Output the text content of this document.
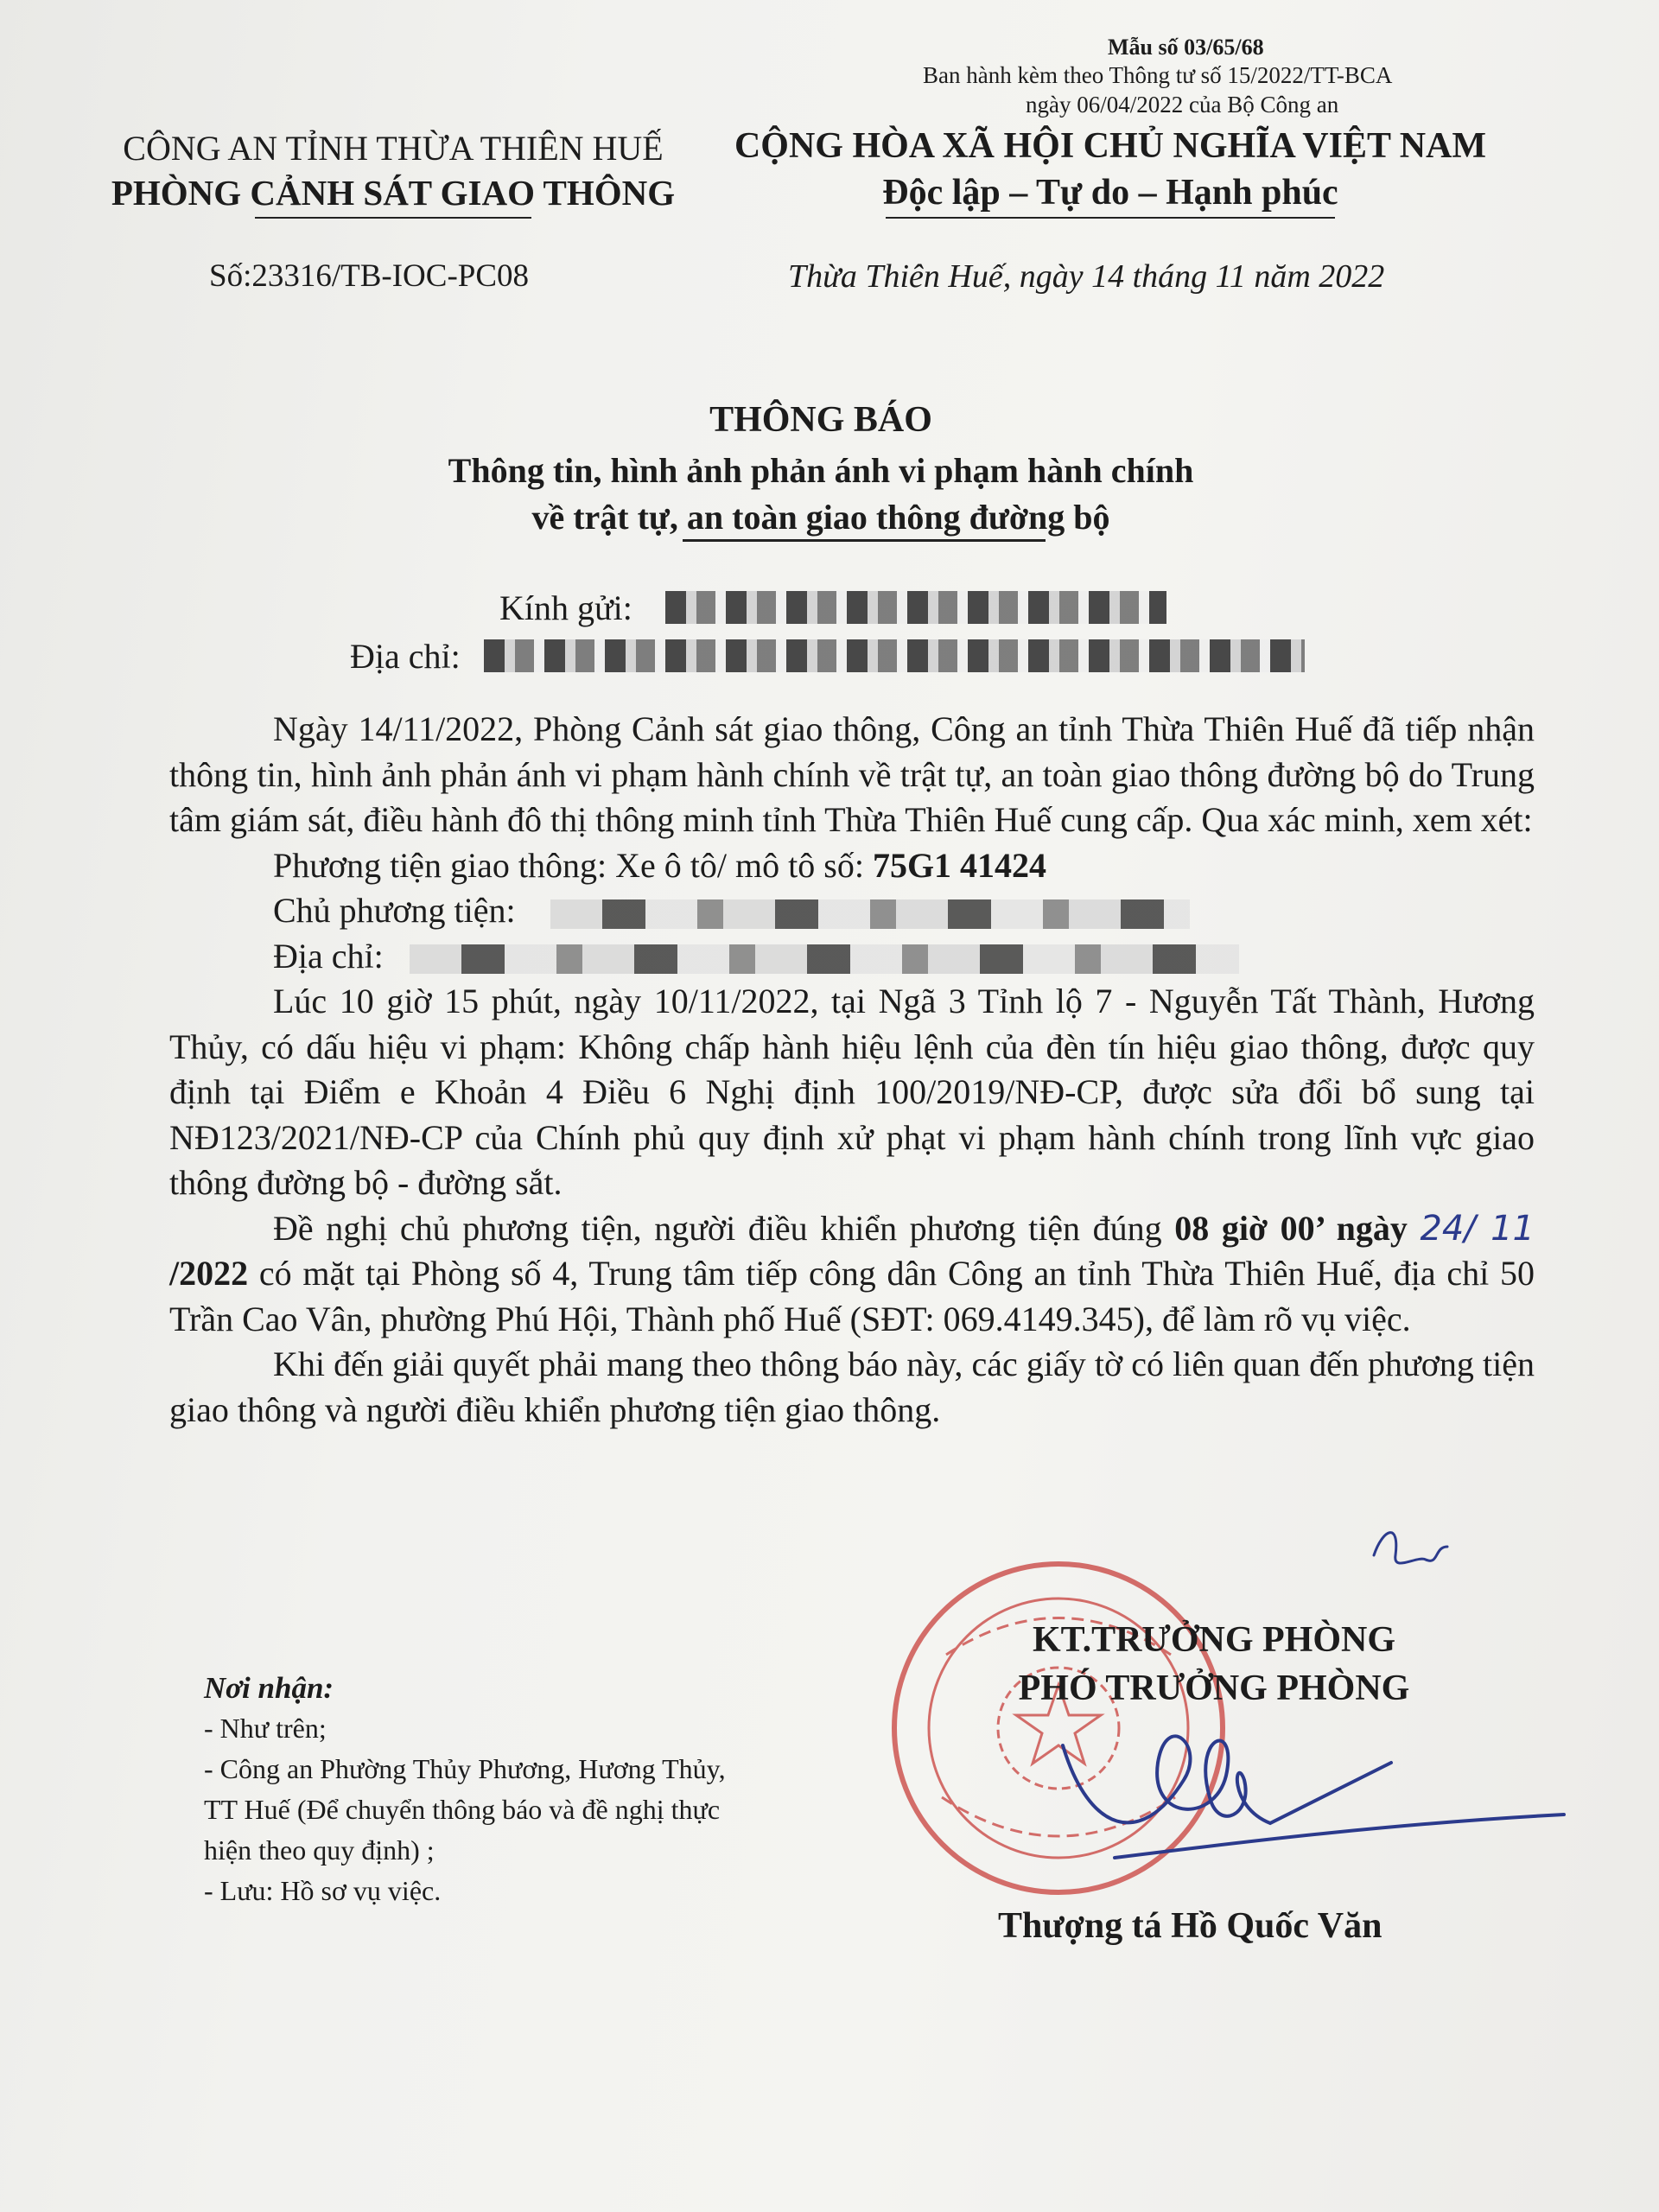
Mẫu số 03/65/68
Ban hành kèm theo Thông tư số 15/2022/TT-BCA
ngày 06/04/2022 của Bộ Công an
CÔNG AN TỈNH THỪA THIÊN HUẾ
PHÒNG CẢNH SÁT GIAO THÔNG
CỘNG HÒA XÃ HỘI CHỦ NGHĨA VIỆT NAM
Độc lập – Tự do – Hạnh phúc
Số:23316/TB-IOC-PC08	Thừa Thiên Huế, ngày 14 tháng 11 năm 2022
THÔNG BÁO
Thông tin, hình ảnh phản ánh vi phạm hành chính
về trật tự, an toàn giao thông đường bộ
Kính gửi:
Địa chỉ:

Ngày 14/11/2022, Phòng Cảnh sát giao thông, Công an tỉnh Thừa Thiên Huế đã tiếp nhận thông tin, hình ảnh phản ánh vi phạm hành chính về trật tự, an toàn giao thông đường bộ do Trung tâm giám sát, điều hành đô thị thông minh tỉnh Thừa Thiên Huế cung cấp. Qua xác minh, xem xét:

Phương tiện giao thông: Xe ô tô/ mô tô số: 75G1 41424

Chủ phương tiện:

Địa chỉ:

Lúc 10 giờ 15 phút, ngày 10/11/2022, tại Ngã 3 Tỉnh lộ 7 - Nguyễn Tất Thành, Hương Thủy, có dấu hiệu vi phạm: Không chấp hành hiệu lệnh của đèn tín hiệu giao thông, được quy định tại Điểm e Khoản 4 Điều 6 Nghị định 100/2019/NĐ-CP, được sửa đổi bổ sung tại NĐ123/2021/NĐ-CP của Chính phủ quy định xử phạt vi phạm hành chính trong lĩnh vực giao thông đường bộ - đường sắt.

Đề nghị chủ phương tiện, người điều khiển phương tiện đúng 08 giờ 00’ ngày 24/ 11 /2022 có mặt tại Phòng số 4, Trung tâm tiếp công dân Công an tỉnh Thừa Thiên Huế, địa chỉ 50 Trần Cao Vân, phường Phú Hội, Thành phố Huế (SĐT: 069.4149.345), để làm rõ vụ việc.

Khi đến giải quyết phải mang theo thông báo này, các giấy tờ có liên quan đến phương tiện giao thông và người điều khiển phương tiện giao thông.

Nơi nhận:
- Như trên;
- Công an Phường Thủy Phương, Hương Thủy,
TT Huế (Để chuyển thông báo và đề nghị thực
hiện theo quy định) ;
- Lưu: Hồ sơ vụ việc.
KT.TRƯỞNG PHÒNG
PHÓ TRƯỞNG PHÒNG
Thượng tá Hồ Quốc Văn
